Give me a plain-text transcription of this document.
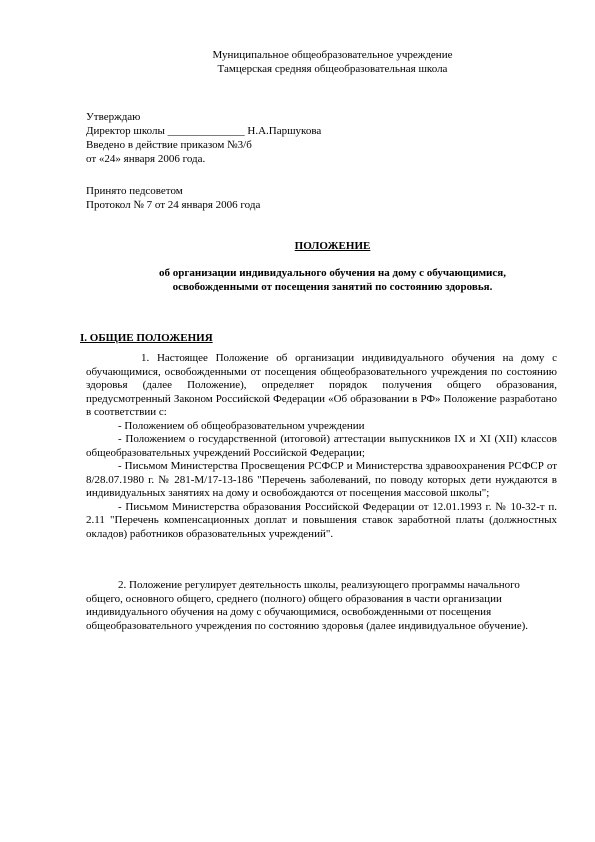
Муниципальное общеобразовательное учреждение
Тамцерская средняя общеобразовательная школа
Утверждаю
Директор школы ______________ Н.А.Паршукова
Введено в действие приказом №3/б
от «24» января 2006 года.
Принято педсоветом
Протокол № 7 от 24 января 2006 года
ПОЛОЖЕНИЕ
об организации индивидуального обучения на дому с обучающимися,
освобожденными от посещения занятий по состоянию здоровья.
I. ОБЩИЕ ПОЛОЖЕНИЯ

1. Настоящее Положение об организации индивидуального обучения на дому с обучающимися, освобожденными от посещения общеобразовательного учреждения по состоянию здоровья (далее Положение), определяет порядок получения общего образования, предусмотренный Законом Российской Федерации «Об образовании в РФ» Положение разработано в соответствии с:

- Положением об общеобразовательном учреждении

- Положением о государственной (итоговой) аттестации выпускников IX и XI (XII) классов общеобразовательных учреждений Российской Федерации;

- Письмом Министерства Просвещения РСФСР и Министерства здравоохранения РСФСР от 8/28.07.1980 г. № 281-М/17-13-186 "Перечень заболеваний, по поводу которых дети нуждаются в индивидуальных занятиях на дому и освобождаются от посещения массовой школы";

- Письмом Министерства образования Российской Федерации от 12.01.1993 г. № 10-32-т п. 2.11 "Перечень компенсационных доплат и повышения ставок заработной платы (должностных окладов) работников образовательных учреждений".

2. Положение регулирует деятельность школы, реализующего программы начального общего, основного общего, среднего (полного) общего образования в части организации индивидуального обучения на дому с обучающимися, освобожденными от посещения общеобразовательного учреждения по состоянию здоровья (далее индивидуальное обучение).
